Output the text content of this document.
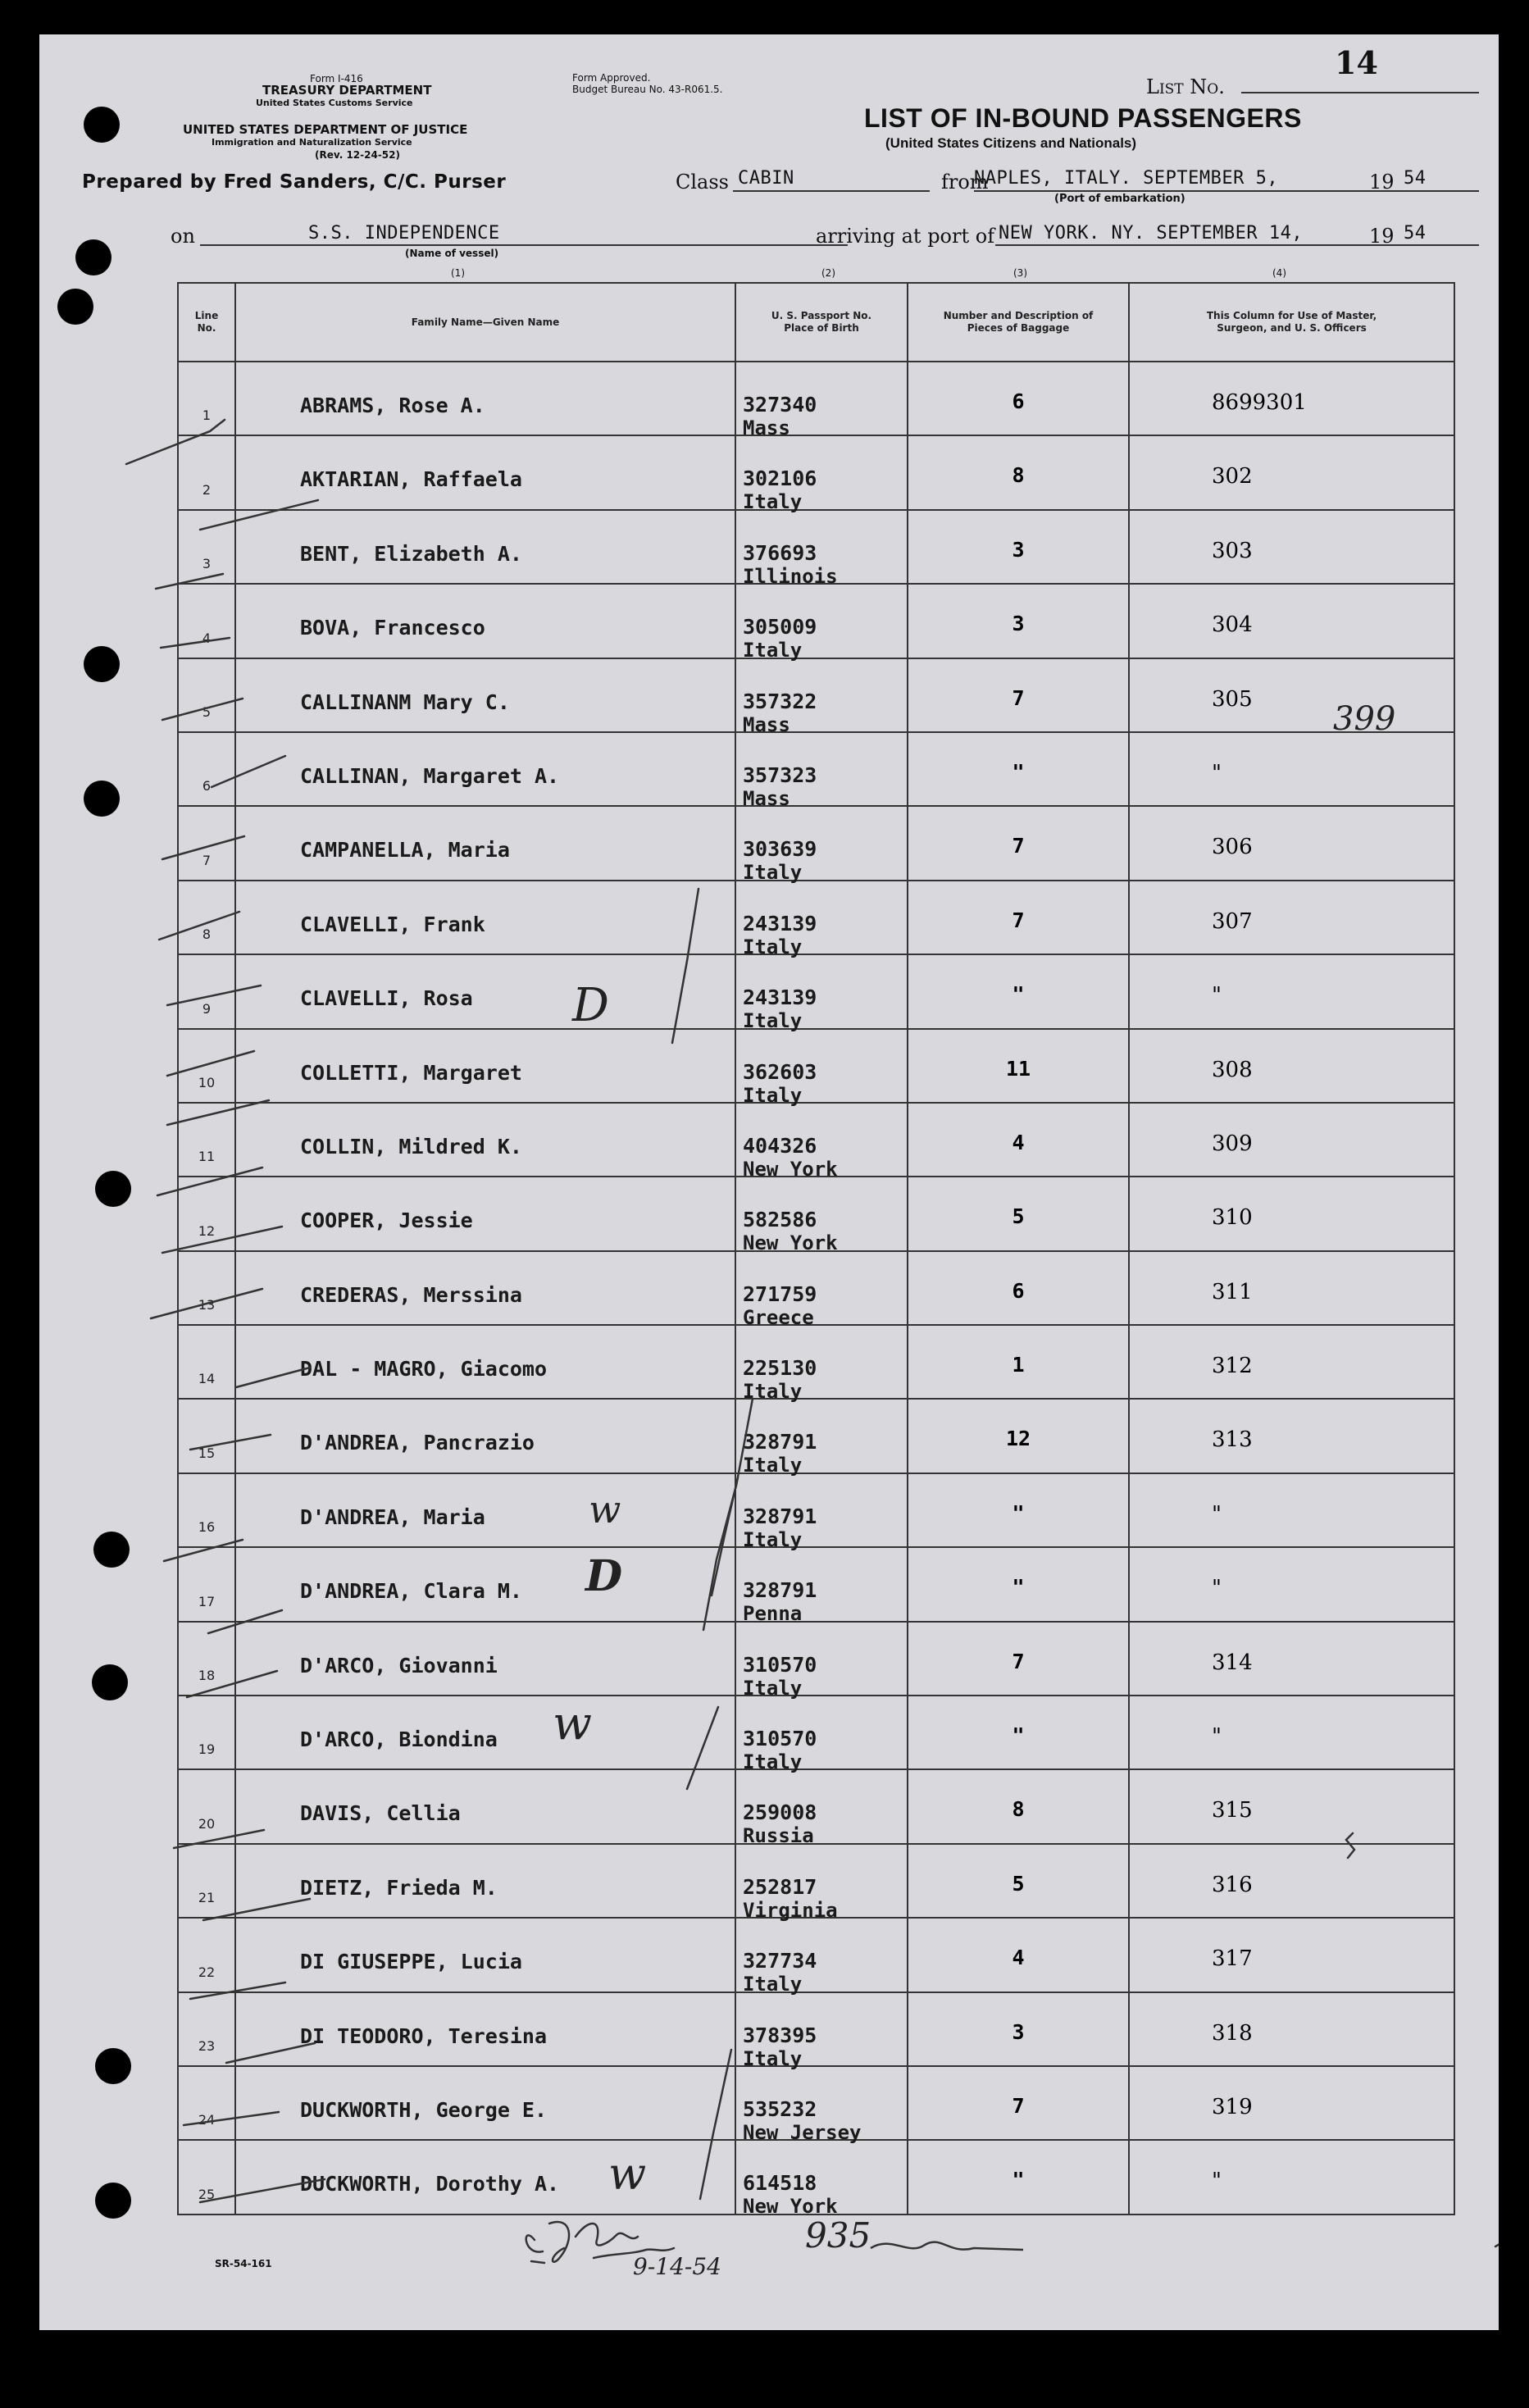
Form I-416
TREASURY DEPARTMENT
United States Customs Service
UNITED STATES DEPARTMENT OF JUSTICE
Immigration and Naturalization Service
(Rev. 12-24-52)
Form Approved.
Budget Bureau No. 43-R061.5.	List No.
14
LIST OF IN-BOUND PASSENGERS
(United States Citizens and Nationals)
Prepared by Fred Sanders, C/C. Purser	Class CABIN	from
NAPLES, ITALY. SEPTEMBER 5,	19 54
(Port of embarkation)
on	S.S. INDEPENDENCE
(Name of vessel)
arriving at port of NEW YORK. NY. SEPTEMBER 14,	19 54
(1)	(2)	(3)	(4)
Line No.	Family Name—Given Name	U. S. Passport No. Place of Birth	Number and Description of Pieces of Baggage	This Column for Use of Master, Surgeon, and U. S. Officers

1	ABRAMS, Rose A.	327340
Mass	6	8699301

2	AKTARIAN, Raffaela	302106
Italy	8	302

3	BENT, Elizabeth A.	376693
Illinois	3	303

4	BOVA, Francesco	305009
Italy	3	304

5	CALLINANM Mary C.	357322
Mass	7	305

6	CALLINAN, Margaret A.	357323
Mass	"	"

7	CAMPANELLA, Maria	303639
Italy	7	306

8	CLAVELLI, Frank	243139
Italy	7	307

9	CLAVELLI, Rosa	243139
Italy	"	"

10	COLLETTI, Margaret	362603
Italy	11	308

11	COLLIN, Mildred K.	404326
New York	4	309

12	COOPER, Jessie	582586
New York	5	310

13	CREDERAS, Merssina	271759
Greece	6	311

14	DAL - MAGRO, Giacomo	225130
Italy	1	312

15	D'ANDREA, Pancrazio	328791
Italy	12	313

16	D'ANDREA, Maria	328791
Italy	"	"

17	D'ANDREA, Clara M.	328791
Penna	"	"

18	D'ARCO, Giovanni	310570
Italy	7	314

19	D'ARCO, Biondina	310570
Italy	"	"

20	DAVIS, Cellia	259008
Russia	8	315

21	DIETZ, Frieda M.	252817
Virginia	5	316

22	DI GIUSEPPE, Lucia	327734
Italy	4	317

23	DI TEODORO, Teresina	378395
Italy	3	318

24	DUCKWORTH, George E.	535232
New Jersey	7	319

25	DUCKWORTH, Dorothy A.	614518
New York	"	"
399
D
w
D
w
w
9-14-54
935
SR-54-161
